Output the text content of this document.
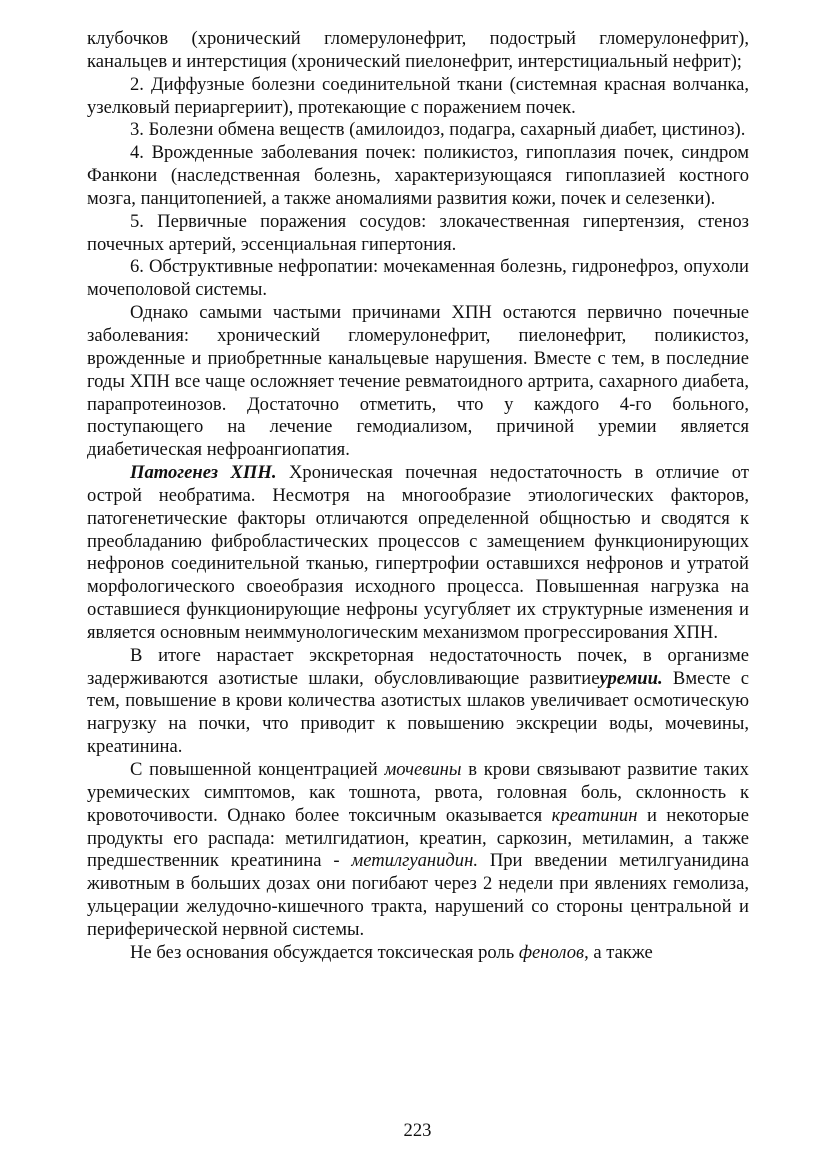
клубочков (хронический гломерулонефрит, подострый гломерулонефрит), канальцев и интерстиция (хронический пиелонефрит, интерстициальный нефрит);

2. Диффузные болезни соединительной ткани (системная красная волчанка, узелковый периаргериит), протекающие с поражением почек.

3. Болезни обмена веществ (амилоидоз, подагра, сахарный диабет, цистиноз).

4. Врожденные заболевания почек: поликистоз, гипоплазия почек, синдром Фанкони (наследственная болезнь, характеризующаяся гипоплазией костного мозга, панцитопенией, а также аномалиями развития кожи, почек и селезенки).

5. Первичные поражения сосудов: злокачественная гипертензия, стеноз почечных артерий, эссенциальная гипертония.

6. Обструктивные нефропатии: мочекаменная болезнь, гидронефроз, опухоли мочеполовой системы.

Однако самыми частыми причинами ХПН остаются первично почечные заболевания: хронический гломерулонефрит, пиелонефрит, поликистоз, врожденные и приобретнные канальцевые нарушения. Вместе с тем, в последние годы ХПН все чаще осложняет течение ревматоидного артрита, сахарного диабета, парапротеинозов. Достаточно отметить, что у каждого 4-го больного, поступающего на лечение гемодиализом, причиной уремии является диабетическая нефроангиопатия.

Патогенез ХПН. Хроническая почечная недостаточность в отличие от острой необратима. Несмотря на многообразие этиологических факторов, патогенетические факторы отличаются определенной общностью и сводятся к преобладанию фибробластических процессов с замещением функционирующих нефронов соединительной тканью, гипертрофии оставшихся нефронов и утратой морфологического своеобразия исходного процесса. Повышенная нагрузка на оставшиеся функционирующие нефроны усугубляет их структурные изменения и является основным неиммунологическим механизмом прогрессирования ХПН.

В итоге нарастает экскреторная недостаточность почек, в организме задерживаются азотистые шлаки, обусловливающие развитиеуремии. Вместе с тем, повышение в крови количества азотистых шлаков увеличивает осмотическую нагрузку на почки, что приводит к повышению экскреции воды, мочевины, креатинина.

С повышенной концентрацией мочевины в крови связывают развитие таких уремических симптомов, как тошнота, рвота, головная боль, склонность к кровоточивости. Однако более токсичным оказывается креатинин и некоторые продукты его распада: метилгидатион, креатин, саркозин, метиламин, а также предшественник креатинина - метилгуанидин. При введении метилгуанидина животным в больших дозах они погибают через 2 недели при явлениях гемолиза, ульцерации желудочно-кишечного тракта, нарушений со стороны центральной и периферической нервной системы.

Не без основания обсуждается токсическая роль фенолов, а также

223
